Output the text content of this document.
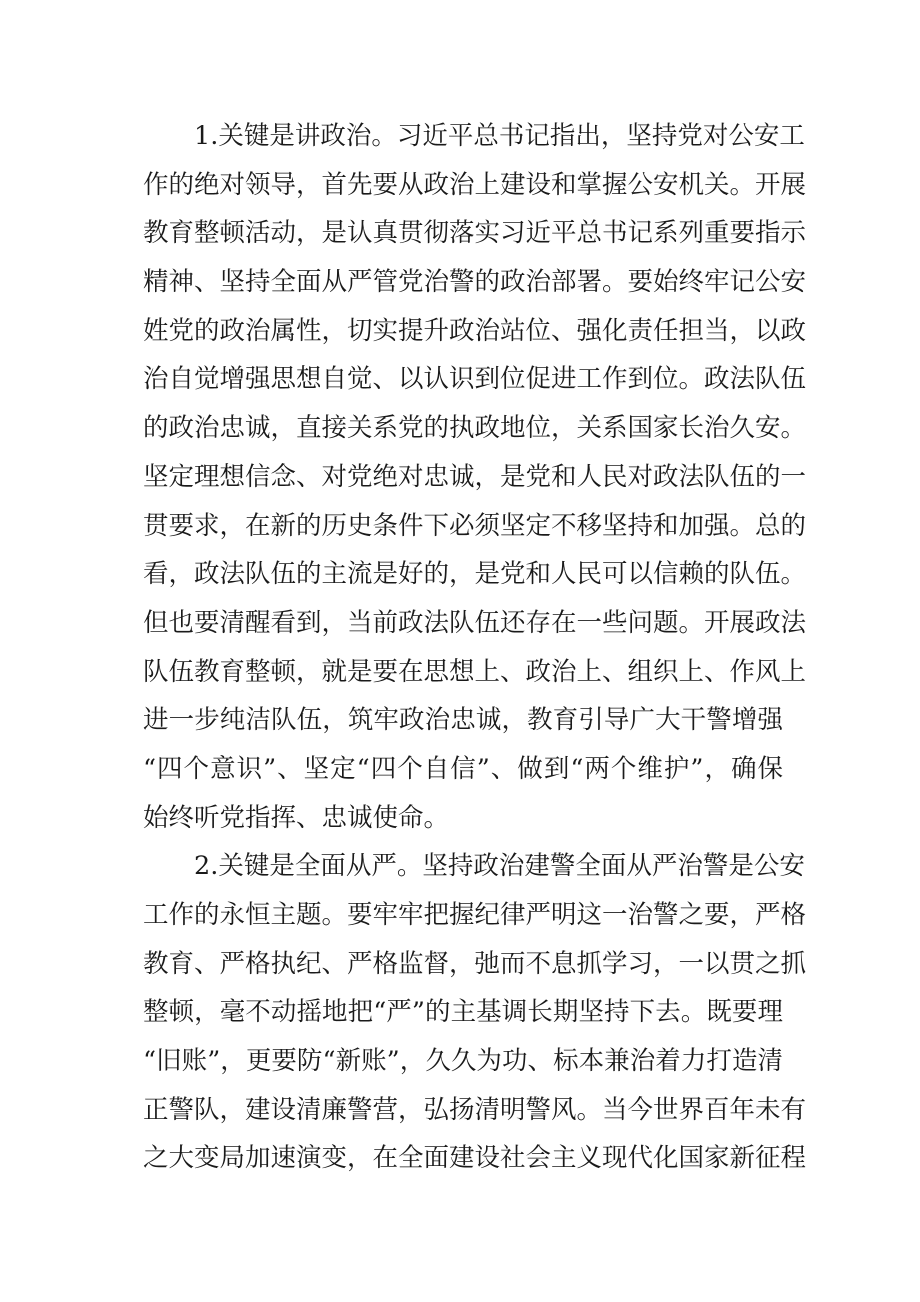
1.关键是讲政治。习近平总书记指出，坚持党对公安工
作的绝对领导，首先要从政治上建设和掌握公安机关。开展
教育整顿活动，是认真贯彻落实习近平总书记系列重要指示
精神、坚持全面从严管党治警的政治部署。要始终牢记公安
姓党的政治属性，切实提升政治站位、强化责任担当，以政
治自觉增强思想自觉、以认识到位促进工作到位。政法队伍
的政治忠诚，直接关系党的执政地位，关系国家长治久安。
坚定理想信念、对党绝对忠诚，是党和人民对政法队伍的一
贯要求，在新的历史条件下必须坚定不移坚持和加强。总的
看，政法队伍的主流是好的，是党和人民可以信赖的队伍。
但也要清醒看到，当前政法队伍还存在一些问题。开展政法
队伍教育整顿，就是要在思想上、政治上、组织上、作风上
进一步纯洁队伍，筑牢政治忠诚，教育引导广大干警增强
“四个意识”、坚定“四个自信”、做到“两个维护”，确保
始终听党指挥、忠诚使命。
2.关键是全面从严。坚持政治建警全面从严治警是公安
工作的永恒主题。要牢牢把握纪律严明这一治警之要，严格
教育、严格执纪、严格监督，弛而不息抓学习，一以贯之抓
整顿，毫不动摇地把“严”的主基调长期坚持下去。既要理
“旧账”，更要防“新账”，久久为功、标本兼治着力打造清
正警队，建设清廉警营，弘扬清明警风。当今世界百年未有
之大变局加速演变，在全面建设社会主义现代化国家新征程
